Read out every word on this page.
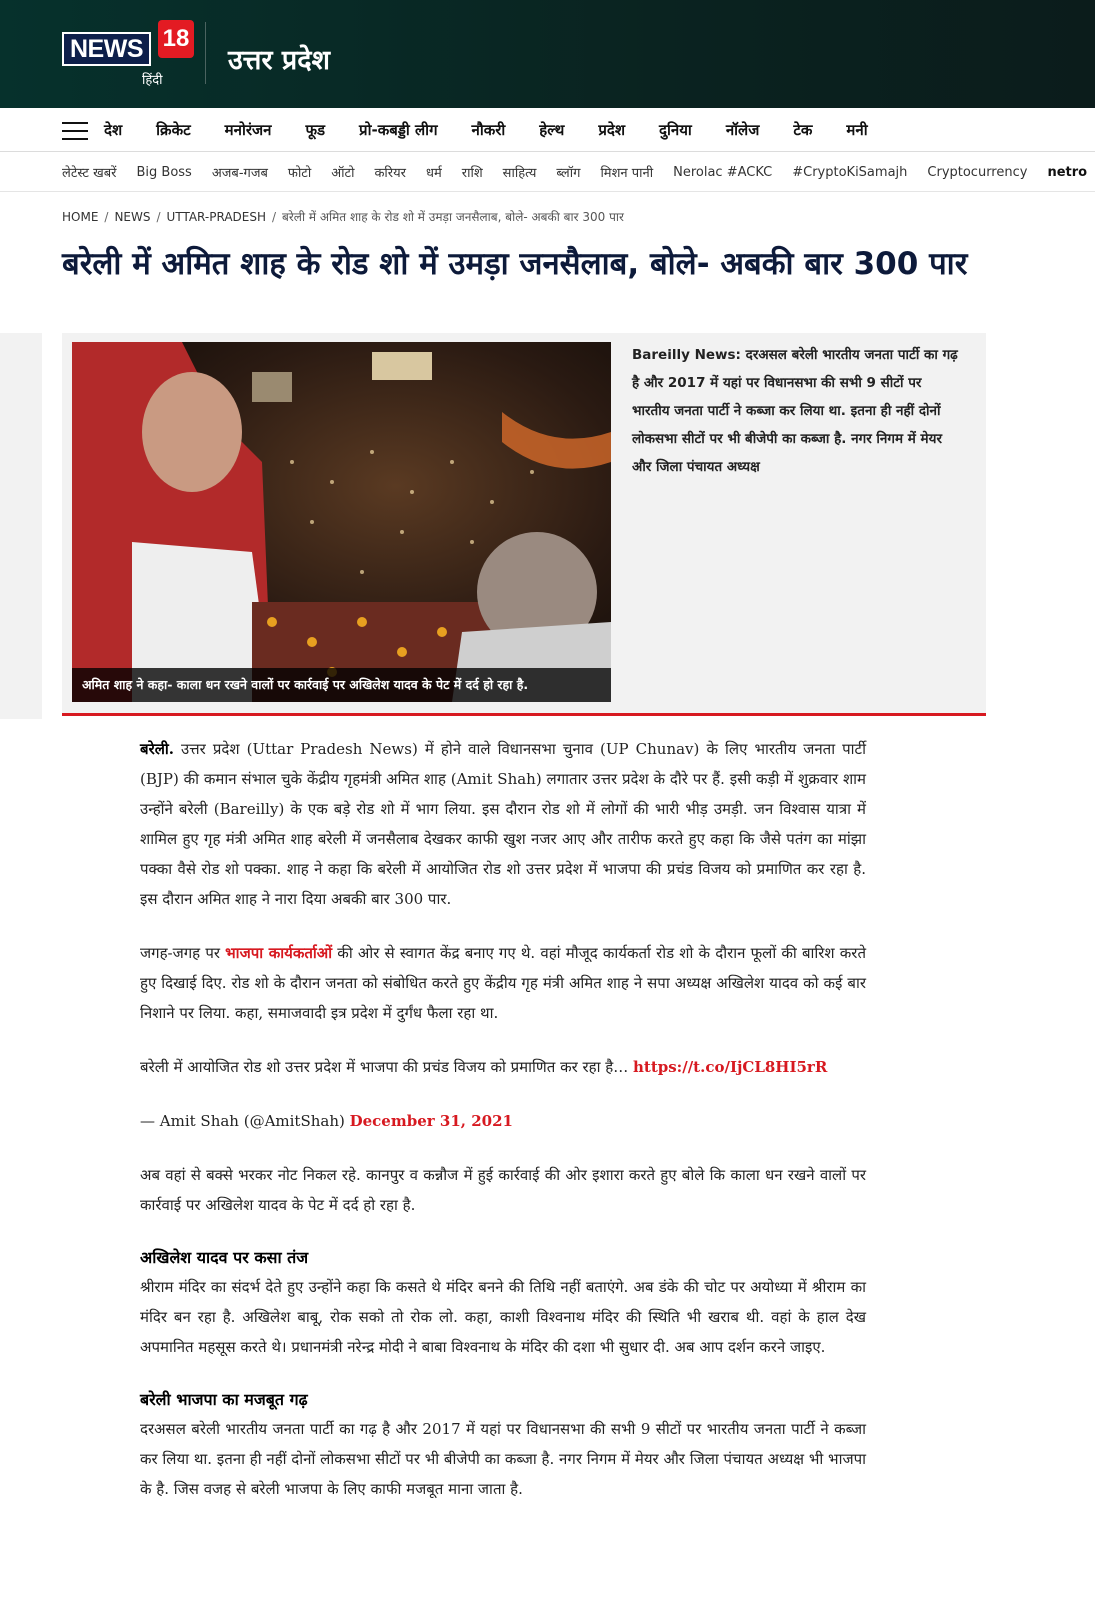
NEWS 18
हिंदी
उत्तर प्रदेश
देश क्रिकेट मनोरंजन फूड प्रो-कबड्डी लीग नौकरी हेल्थ प्रदेश दुनिया नॉलेज टेक मनी
लेटेस्ट खबरें Big Boss अजब-गजब फोटो ऑटो करियर धर्म राशि साहित्य ब्लॉग मिशन पानी Nerolac #ACKC #CryptoKiSamajh Cryptocurrency netro
HOME / NEWS / UTTAR-PRADESH / बरेली में अमित शाह के रोड शो में उमड़ा जनसैलाब, बोले- अबकी बार 300 पार
बरेली में अमित शाह के रोड शो में उमड़ा जनसैलाब, बोले- अबकी बार 300 पार
अमित शाह ने कहा- काला धन रखने वालों पर कार्रवाई पर अखिलेश यादव के पेट में दर्द हो रहा है.
Bareilly News: दरअसल बरेली भारतीय जनता पार्टी का गढ़ है और 2017 में यहां पर विधानसभा की सभी 9 सीटों पर भारतीय जनता पार्टी ने कब्जा कर लिया था. इतना ही नहीं दोनों लोकसभा सीटों पर भी बीजेपी का कब्जा है. नगर निगम में मेयर और जिला पंचायत अध्यक्ष

बरेली. उत्तर प्रदेश (Uttar Pradesh News) में होने वाले विधानसभा चुनाव (UP Chunav) के लिए भारतीय जनता पार्टी (BJP) की कमान संभाल चुके केंद्रीय गृहमंत्री अमित शाह (Amit Shah) लगातार उत्तर प्रदेश के दौरे पर हैं. इसी कड़ी में शुक्रवार शाम उन्होंने बरेली (Bareilly) के एक बड़े रोड शो में भाग लिया. इस दौरान रोड शो में लोगों की भारी भीड़ उमड़ी. जन विश्वास यात्रा में शामिल हुए गृह मंत्री अमित शाह बरेली में जनसैलाब देखकर काफी खुश नजर आए और तारीफ करते हुए कहा कि जैसे पतंग का मांझा पक्का वैसे रोड शो पक्का. शाह ने कहा कि बरेली में आयोजित रोड शो उत्तर प्रदेश में भाजपा की प्रचंड विजय को प्रमाणित कर रहा है. इस दौरान अमित शाह ने नारा दिया अबकी बार 300 पार.

जगह-जगह पर भाजपा कार्यकर्ताओं की ओर से स्वागत केंद्र बनाए गए थे. वहां मौजूद कार्यकर्ता रोड शो के दौरान फूलों की बारिश करते हुए दिखाई दिए. रोड शो के दौरान जनता को संबोधित करते हुए केंद्रीय गृह मंत्री अमित शाह ने सपा अध्यक्ष अखिलेश यादव को कई बार निशाने पर लिया. कहा, समाजवादी इत्र प्रदेश में दुर्गंध फैला रहा था.

बरेली में आयोजित रोड शो उत्तर प्रदेश में भाजपा की प्रचंड विजय को प्रमाणित कर रहा है… https://t.co/IjCL8HI5rR

— Amit Shah (@AmitShah) December 31, 2021

अब वहां से बक्से भरकर नोट निकल रहे. कानपुर व कन्नौज में हुई कार्रवाई की ओर इशारा करते हुए बोले कि काला धन रखने वालों पर कार्रवाई पर अखिलेश यादव के पेट में दर्द हो रहा है.

अखिलेश यादव पर कसा तंज

श्रीराम मंदिर का संदर्भ देते हुए उन्होंने कहा कि कसते थे मंदिर बनने की तिथि नहीं बताएंगे. अब डंके की चोट पर अयोध्या में श्रीराम का मंदिर बन रहा है. अखिलेश बाबू, रोक सको तो रोक लो. कहा, काशी विश्वनाथ मंदिर की स्थिति भी खराब थी. वहां के हाल देख अपमानित महसूस करते थे। प्रधानमंत्री नरेन्द्र मोदी ने बाबा विश्वनाथ के मंदिर की दशा भी सुधार दी. अब आप दर्शन करने जाइए.

बरेली भाजपा का मजबूत गढ़

दरअसल बरेली भारतीय जनता पार्टी का गढ़ है और 2017 में यहां पर विधानसभा की सभी 9 सीटों पर भारतीय जनता पार्टी ने कब्जा कर लिया था. इतना ही नहीं दोनों लोकसभा सीटों पर भी बीजेपी का कब्जा है. नगर निगम में मेयर और जिला पंचायत अध्यक्ष भी भाजपा के है. जिस वजह से बरेली भाजपा के लिए काफी मजबूत माना जाता है.
